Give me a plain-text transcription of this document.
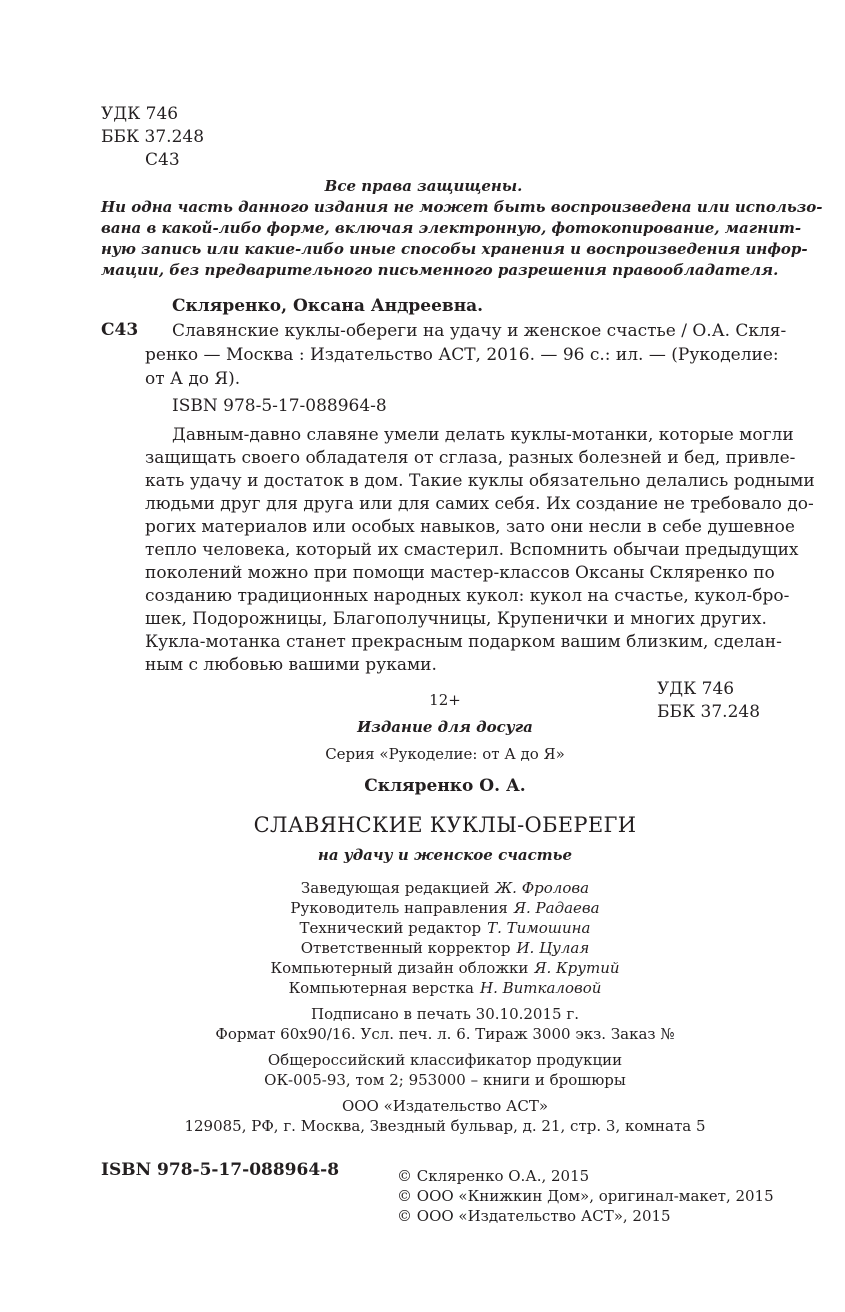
УДК 746
ББК 37.248
С43
Все права защищены.
Ни одна часть данного издания не может быть воспроизведена или использо-
вана в какой-либо форме, включая электронную, фотокопирование, магнит-
ную запись или какие-либо иные способы хранения и воспроизведения инфор-
мации, без предварительного письменного разрешения правообладателя.
Скляренко, Оксана Андреевна.
С43 Славянские куклы-обереги на удачу и женское счастье / О.А. Скля-
ренко — Москва : Издательство АСТ, 2016. — 96 с.: ил. — (Рукоделие:
от А до Я).
ISBN 978-5-17-088964-8
Давным-давно славяне умели делать куклы-мотанки, которые могли
защищать своего обладателя от сглаза, разных болезней и бед, привле-
кать удачу и достаток в дом. Такие куклы обязательно делались родными
людьми друг для друга или для самих себя. Их создание не требовало до-
рогих материалов или особых навыков, зато они несли в себе душевное
тепло человека, который их смастерил. Вспомнить обычаи предыдущих
поколений можно при помощи мастер-классов Оксаны Скляренко по
созданию традиционных народных кукол: кукол на счастье, кукол-бро-
шек, Подорожницы, Благополучницы, Крупенички и многих других.
Кукла-мотанка станет прекрасным подарком вашим близким, сделан-
ным с любовью вашими руками.
УДК 746
ББК 37.248
12+
Издание для досуга
Серия «Рукоделие: от А до Я»
Скляренко О. А.
СЛАВЯНСКИЕ КУКЛЫ-ОБЕРЕГИ
на удачу и женское счастье
Заведующая редакцией Ж. Фролова
Руководитель направления Я. Радаева
Технический редактор Т. Тимошина
Ответственный корректор И. Цулая
Компьютерный дизайн обложки Я. Крутий
Компьютерная верстка Н. Виткаловой
Подписано в печать 30.10.2015 г.
Формат 60x90/16. Усл. печ. л. 6. Тираж 3000 экз. Заказ №
Общероссийский классификатор продукции
ОК-005-93, том 2; 953000 – книги и брошюры
ООО «Издательство АСТ»
129085, РФ, г. Москва, Звездный бульвар, д. 21, стр. 3, комната 5
ISBN 978-5-17-088964-8	© Скляренко О.А., 2015
© ООО «Книжкин Дом», оригинал-макет, 2015
© ООО «Издательство АСТ», 2015
